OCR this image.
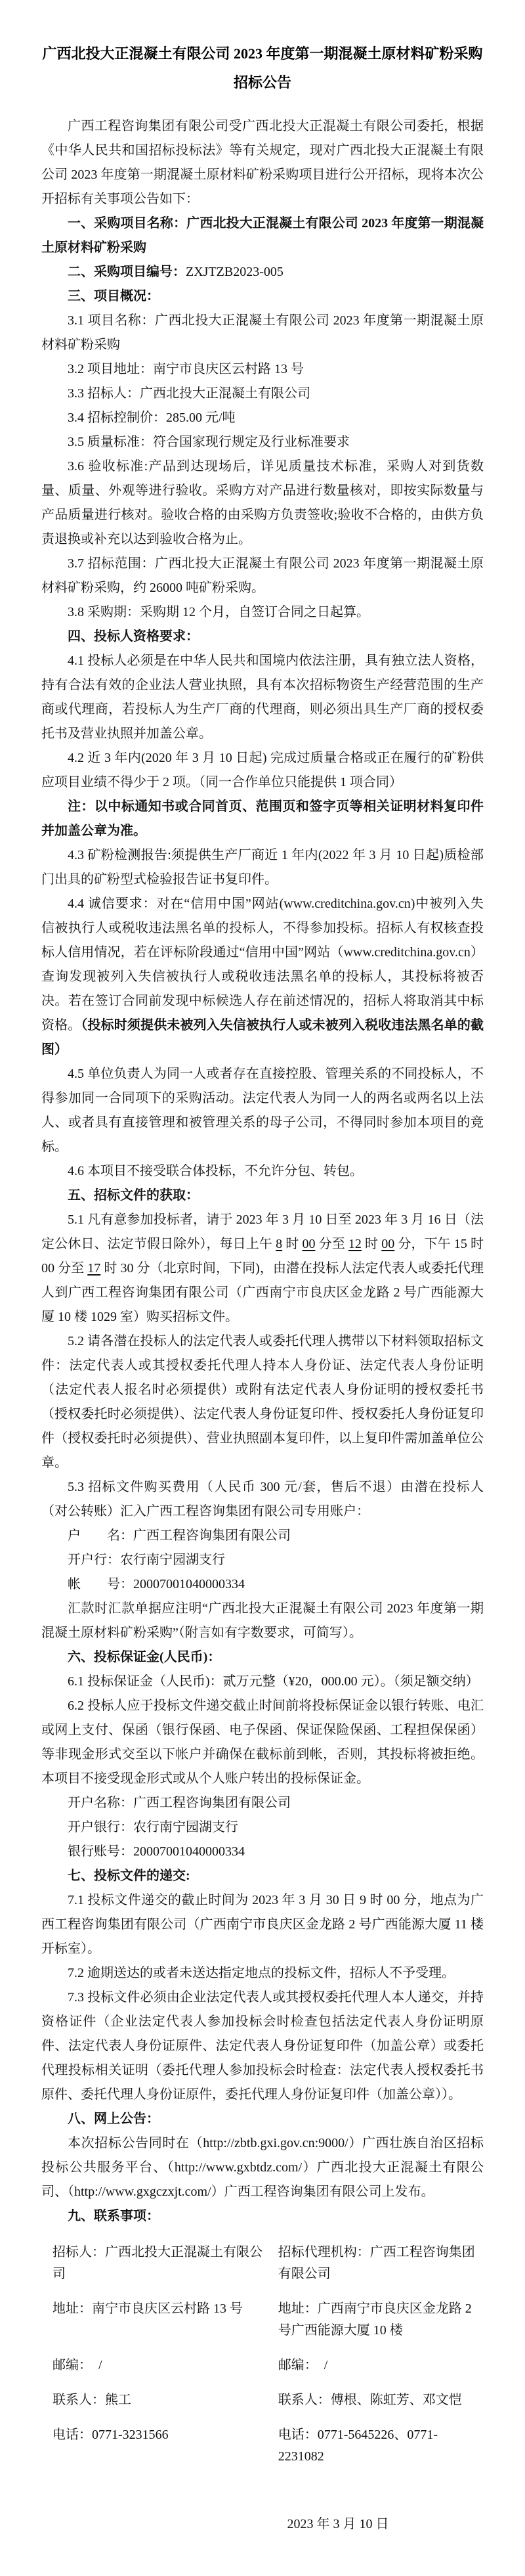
广西北投大正混凝土有限公司 2023 年度第一期混凝土原材料矿粉采购招标公告

广西工程咨询集团有限公司受广西北投大正混凝土有限公司委托，根据《中华人民共和国招标投标法》等有关规定，现对广西北投大正混凝土有限公司 2023 年度第一期混凝土原材料矿粉采购项目进行公开招标，现将本次公开招标有关事项公告如下：

一、采购项目名称：广西北投大正混凝土有限公司 2023 年度第一期混凝土原材料矿粉采购

二、采购项目编号：ZXJTZB2023-005

三、项目概况：

3.1 项目名称：广西北投大正混凝土有限公司 2023 年度第一期混凝土原材料矿粉采购

3.2 项目地址：南宁市良庆区云村路 13 号

3.3 招标人：广西北投大正混凝土有限公司

3.4 招标控制价：285.00 元/吨

3.5 质量标准：符合国家现行规定及行业标准要求

3.6 验收标准:产品到达现场后，详见质量技术标准，采购人对到货数量、质量、外观等进行验收。采购方对产品进行数量核对，即按实际数量与产品质量进行核对。验收合格的由采购方负责签收;验收不合格的，由供方负责退换或补充以达到验收合格为止。

3.7 招标范围：广西北投大正混凝土有限公司 2023 年度第一期混凝土原材料矿粉采购，约 26000 吨矿粉采购。

3.8 采购期：采购期 12 个月，自签订合同之日起算。

四、投标人资格要求：

4.1 投标人必须是在中华人民共和国境内依法注册，具有独立法人资格，持有合法有效的企业法人营业执照，具有本次招标物资生产经营范围的生产商或代理商，若投标人为生产厂商的代理商，则必须出具生产厂商的授权委托书及营业执照并加盖公章。

4.2 近 3 年内(2020 年 3 月 10 日起) 完成过质量合格或正在履行的矿粉供应项目业绩不得少于 2 项。（同一合作单位只能提供 1 项合同）

注：以中标通知书或合同首页、范围页和签字页等相关证明材料复印件并加盖公章为准。

4.3 矿粉检测报告:须提供生产厂商近 1 年内(2022 年 3 月 10 日起)质检部门出具的矿粉型式检验报告证书复印件。

4.4 诚信要求：对在“信用中国”网站(www.creditchina.gov.cn)中被列入失信被执行人或税收违法黑名单的投标人，不得参加投标。招标人有权核查投标人信用情况，若在评标阶段通过“信用中国”网站（www.creditchina.gov.cn）查询发现被列入失信被执行人或税收违法黑名单的投标人，其投标将被否决。若在签订合同前发现中标候选人存在前述情况的，招标人将取消其中标资格。（投标时须提供未被列入失信被执行人或未被列入税收违法黑名单的截图）

4.5 单位负责人为同一人或者存在直接控股、管理关系的不同投标人，不得参加同一合同项下的采购活动。法定代表人为同一人的两名或两名以上法人、或者具有直接管理和被管理关系的母子公司，不得同时参加本项目的竞标。

4.6 本项目不接受联合体投标，不允许分包、转包。

五、招标文件的获取：

5.1 凡有意参加投标者，请于 2023 年 3 月 10 日至 2023 年 3 月 16 日（法定公休日、法定节假日除外），每日上午 8 时 00 分至 12 时 00 分，下午 15 时 00 分至 17 时 30 分（北京时间，下同)，由潜在投标人法定代表人或委托代理人到广西工程咨询集团有限公司（广西南宁市良庆区金龙路 2 号广西能源大厦 10 楼 1029 室）购买招标文件。

5.2 请各潜在投标人的法定代表人或委托代理人携带以下材料领取招标文件：法定代表人或其授权委托代理人持本人身份证、法定代表人身份证明（法定代表人报名时必须提供）或附有法定代表人身份证明的授权委托书（授权委托时必须提供）、法定代表人身份证复印件、授权委托人身份证复印件（授权委托时必须提供）、营业执照副本复印件，以上复印件需加盖单位公章。

5.3 招标文件购买费用（人民币 300 元/套，售后不退）由潜在投标人（对公转账）汇入广西工程咨询集团有限公司专用账户：

户　　名：广西工程咨询集团有限公司

开户行：农行南宁园湖支行

帐　　号：20007001040000334

汇款时汇款单据应注明“广西北投大正混凝土有限公司 2023 年度第一期混凝土原材料矿粉采购”（附言如有字数要求，可简写）。

六、投标保证金(人民币)：

6.1 投标保证金（人民币)：贰万元整（¥20，000.00 元）。（须足额交纳）

6.2 投标人应于投标文件递交截止时间前将投标保证金以银行转账、电汇或网上支付、保函（银行保函、电子保函、保证保险保函、工程担保保函）等非现金形式交至以下帐户并确保在截标前到帐，否则，其投标将被拒绝。本项目不接受现金形式或从个人账户转出的投标保证金。

开户名称：广西工程咨询集团有限公司

开户银行：农行南宁园湖支行

银行账号：20007001040000334

七、投标文件的递交:

7.1 投标文件递交的截止时间为 2023 年 3 月 30 日 9 时 00 分，地点为广西工程咨询集团有限公司（广西南宁市良庆区金龙路 2 号广西能源大厦 11 楼开标室）。

7.2 逾期送达的或者未送达指定地点的投标文件，招标人不予受理。

7.3 投标文件必须由企业法定代表人或其授权委托代理人本人递交，并持资格证件（企业法定代表人参加投标会时检查包括法定代表人身份证明原件、法定代表人身份证原件、法定代表人身份证复印件（加盖公章）或委托代理投标相关证明（委托代理人参加投标会时检查：法定代表人授权委托书原件、委托代理人身份证原件，委托代理人身份证复印件（加盖公章））。

八、网上公告：

本次招标公告同时在（http://zbtb.gxi.gov.cn:9000/）广西壮族自治区招标投标公共服务平台、（http://www.gxbtdz.com/）广西北投大正混凝土有限公司、（http://www.gxgczxjt.com/）广西工程咨询集团有限公司上发布。

九、联系事项：

招标人：广西北投大正混凝土有限公司	招标代理机构：广西工程咨询集团有限公司
地址：南宁市良庆区云村路 13 号	地址：广西南宁市良庆区金龙路 2 号广西能源大厦 10 楼
邮编：　/	邮编：　/
联系人：熊工	联系人：傅根、陈虹芳、邓文恺
电话：0771-3231566	电话：0771-5645226、0771-2231082

2023 年 3 月 10 日
